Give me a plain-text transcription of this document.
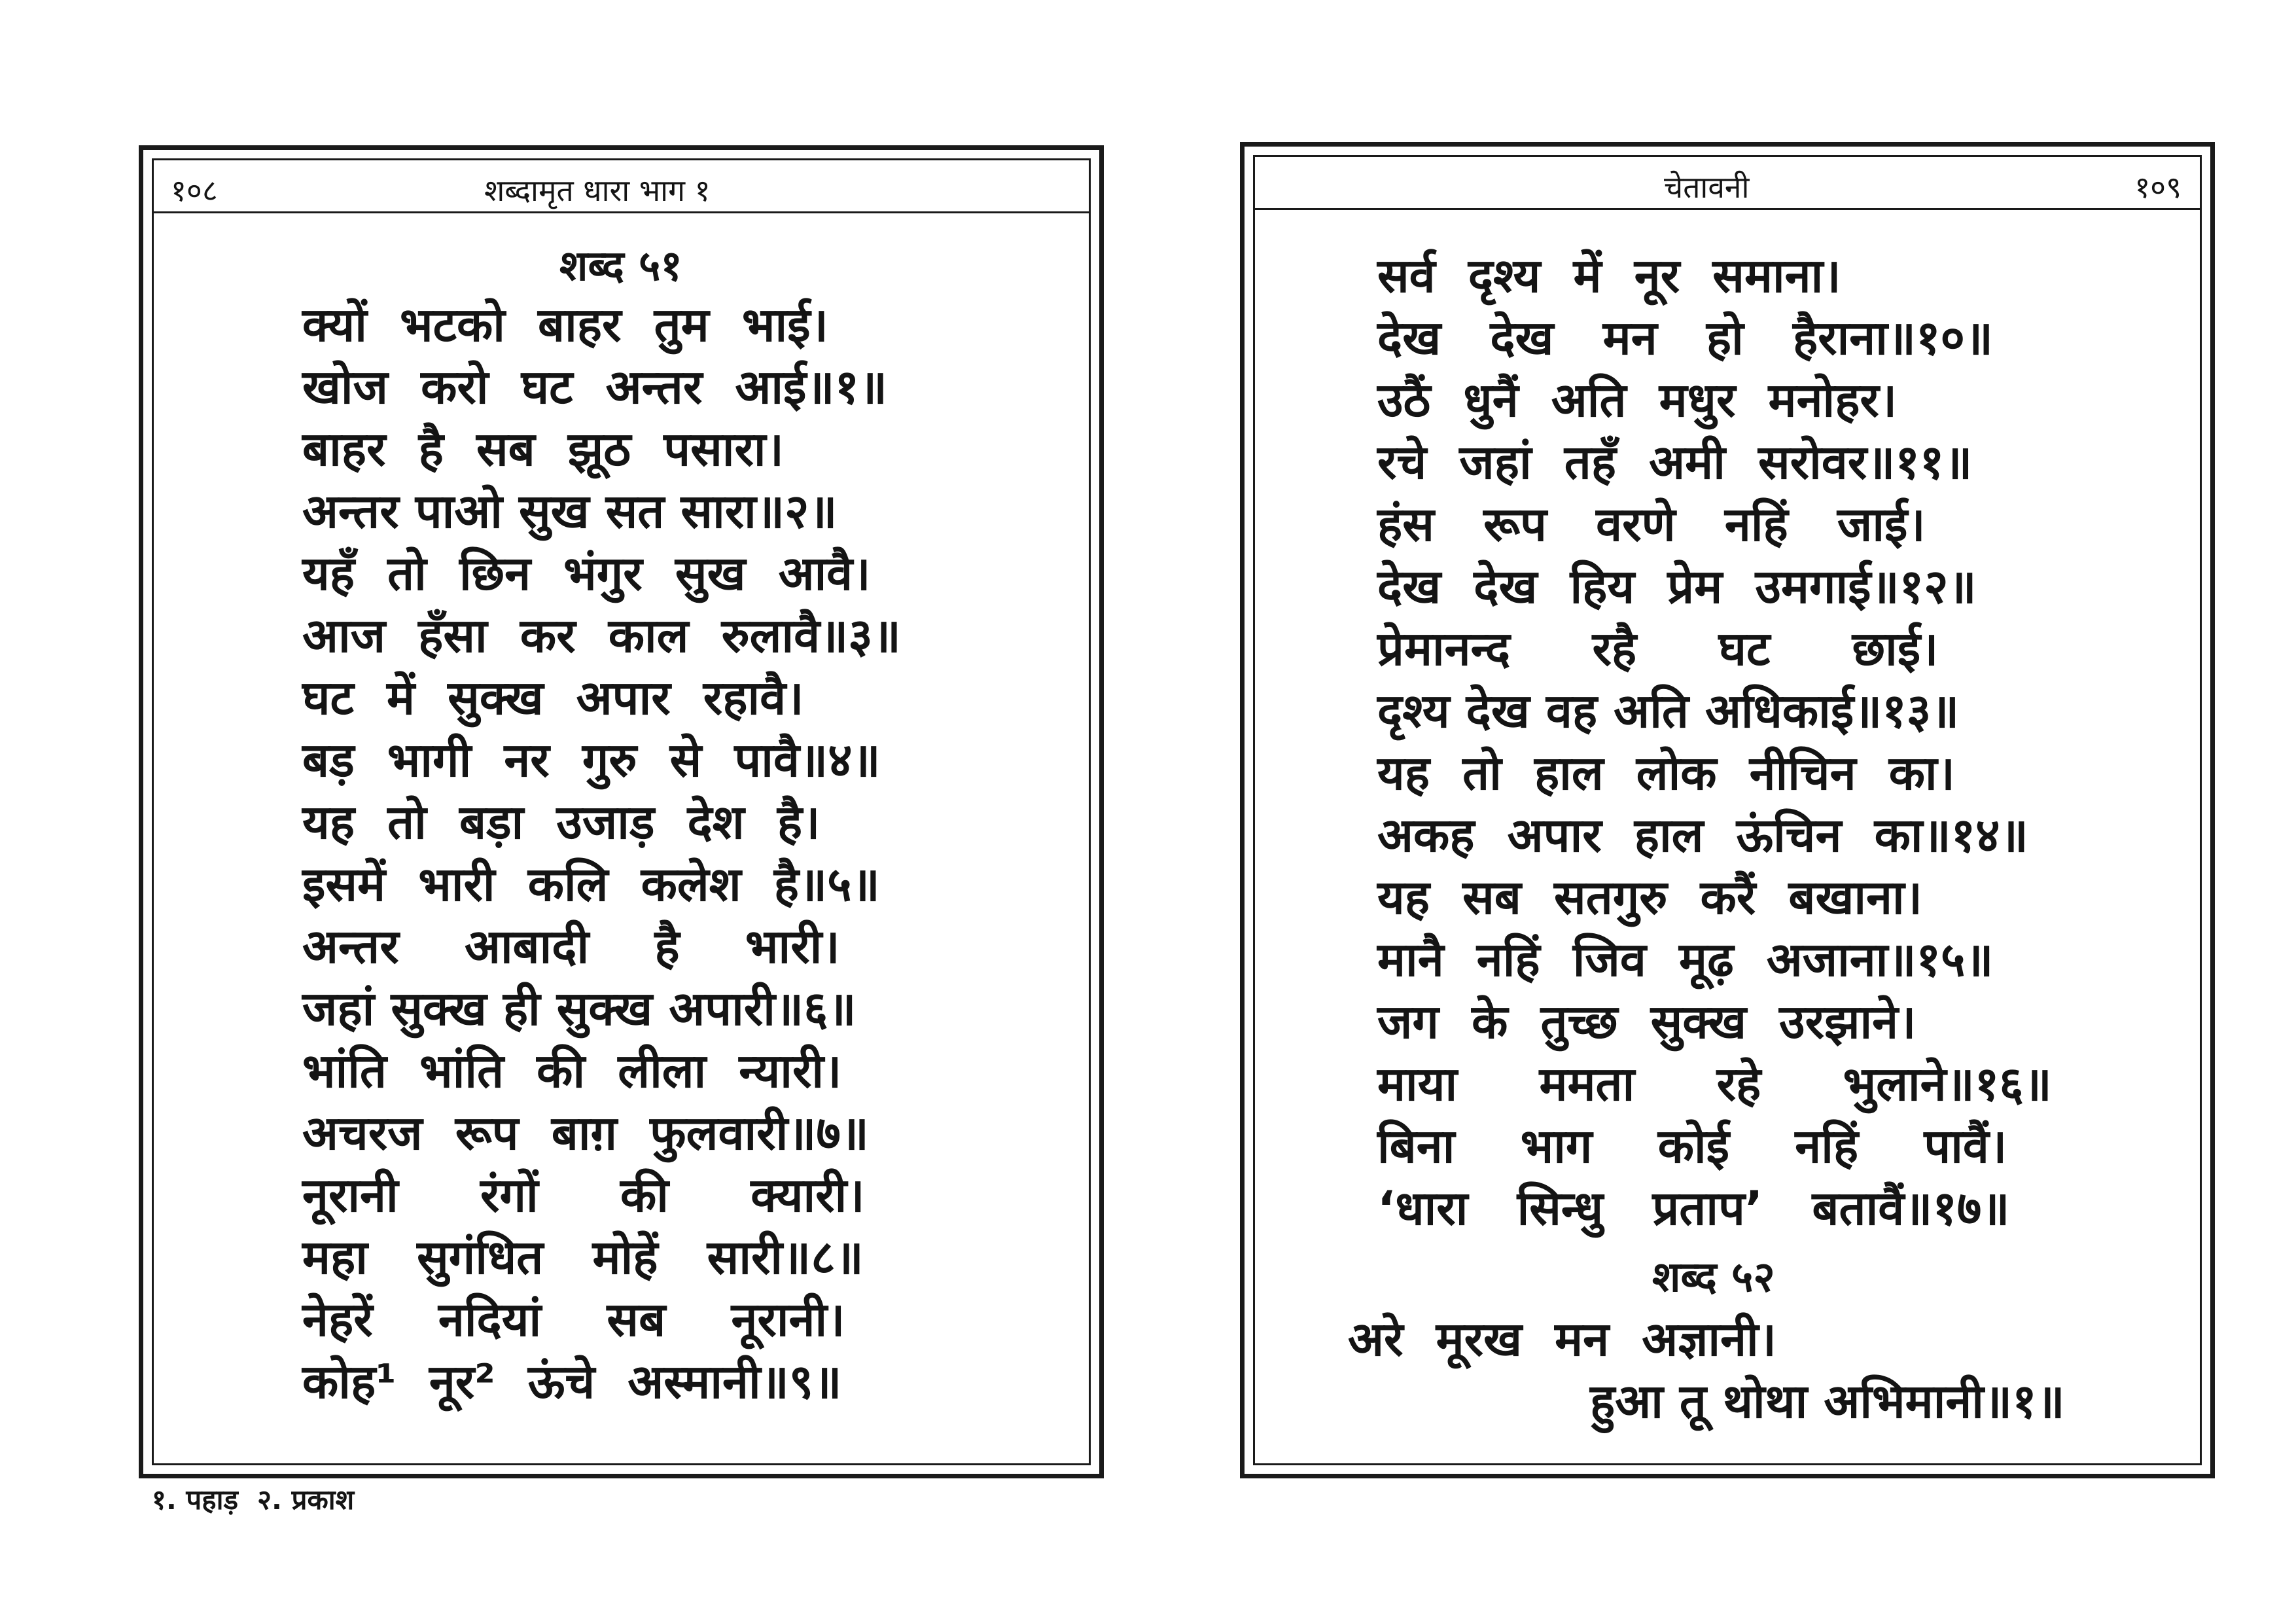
१०८	शब्दामृत धारा भाग १
शब्द ५१
क्यों  भटको  बाहर  तुम  भाई।
खोज  करो  घट  अन्तर  आई॥१॥
बाहर  है  सब  झूठ  पसारा।
अन्तर पाओ सुख सत सारा॥२॥
यहँ  तो  छिन  भंगुर  सुख  आवै।
आज  हँसा  कर  काल  रुलावै॥३॥
घट  में  सुक्ख  अपार  रहावै।
बड़  भागी  नर  गुरु  से  पावै॥४॥
यह  तो  बड़ा  उजाड़  देश  है।
इसमें  भारी  कलि  कलेश  है॥५॥
अन्तर    आबादी    है    भारी।
जहां सुक्ख ही सुक्ख अपारी॥६॥
भांति  भांति  की  लीला  न्यारी।
अचरज  रूप  बाग़  फुलवारी॥७॥
नूरानी     रंगों     की     क्यारी।
महा   सुगंधित   मोहें   सारी॥८॥
नेहरें    नदियां    सब    नूरानी।
कोह¹  नूर²  ऊंचे  अस्मानी॥९॥
१. पहाड़  २. प्रकाश
चेतावनी	१०९
सर्व  दृश्य  में  नूर  समाना।
देख   देख   मन   हो   हैराना॥१०॥
उठैं  धुनैं  अति  मधुर  मनोहर।
रचे  जहां  तहँ  अमी  सरोवर॥११॥
हंस   रूप   वरणे   नहिं   जाई।
देख  देख  हिय  प्रेम  उमगाई॥१२॥
प्रेमानन्द     रहै     घट     छाई।
दृश्य देख वह अति अधिकाई॥१३॥
यह  तो  हाल  लोक  नीचिन  का।
अकह  अपार  हाल  ऊंचिन  का॥१४॥
यह  सब  सतगुरु  करैं  बखाना।
मानै  नहिं  जिव  मूढ़  अजाना॥१५॥
जग  के  तुच्छ  सुक्ख  उरझाने।
माया     ममता     रहे     भुलाने॥१६॥
बिना    भाग    कोई    नहिं    पावैं।
‘धारा   सिन्धु   प्रताप’   बतावैं॥१७॥
शब्द ५२
अरे  मूरख  मन  अज्ञानी।
हुआ तू थोथा अभिमानी॥१॥
